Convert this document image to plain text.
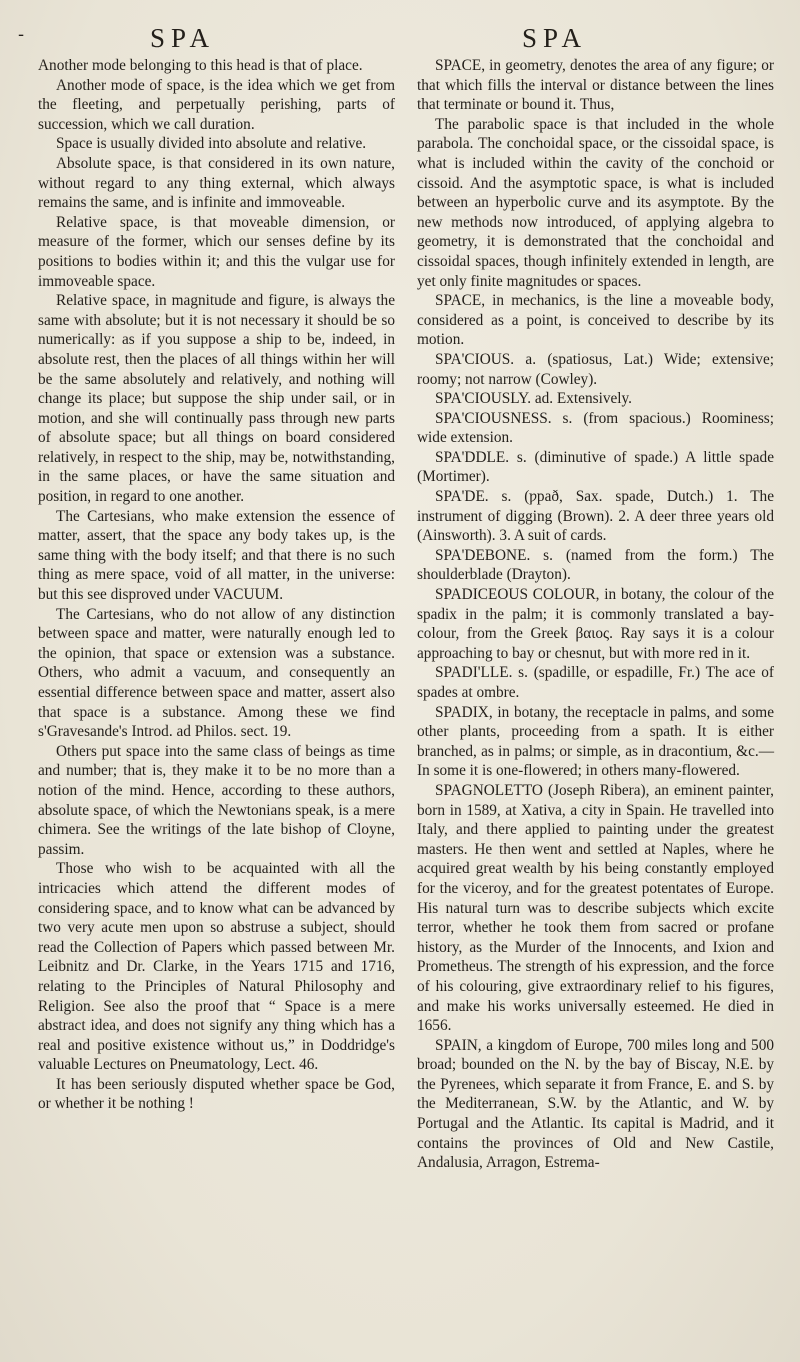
-	SPA	SPA

Another mode belonging to this head is that of place.

Another mode of space, is the idea which we get from the fleeting, and perpetually perishing, parts of succession, which we call duration.

Space is usually divided into absolute and relative.

Absolute space, is that considered in its own nature, without regard to any thing external, which always remains the same, and is infinite and immoveable.

Relative space, is that moveable dimension, or measure of the former, which our senses define by its positions to bodies within it; and this the vulgar use for immoveable space.

Relative space, in magnitude and figure, is always the same with absolute; but it is not necessary it should be so numerically: as if you suppose a ship to be, indeed, in absolute rest, then the places of all things within her will be the same absolutely and relatively, and nothing will change its place; but suppose the ship under sail, or in motion, and she will continually pass through new parts of absolute space; but all things on board considered relatively, in respect to the ship, may be, notwithstanding, in the same places, or have the same situation and position, in regard to one another.

The Cartesians, who make extension the essence of matter, assert, that the space any body takes up, is the same thing with the body itself; and that there is no such thing as mere space, void of all matter, in the universe: but this see disproved under VACUUM.

The Cartesians, who do not allow of any distinction between space and matter, were naturally enough led to the opinion, that space or extension was a substance. Others, who admit a vacuum, and consequently an essential difference between space and matter, assert also that space is a substance. Among these we find s'Gravesande's Introd. ad Philos. sect. 19.

Others put space into the same class of beings as time and number; that is, they make it to be no more than a notion of the mind. Hence, according to these authors, absolute space, of which the Newtonians speak, is a mere chimera. See the writings of the late bishop of Cloyne, passim.

Those who wish to be acquainted with all the intricacies which attend the different modes of considering space, and to know what can be advanced by two very acute men upon so abstruse a subject, should read the Collection of Papers which passed between Mr. Leibnitz and Dr. Clarke, in the Years 1715 and 1716, relating to the Principles of Natural Philosophy and Religion. See also the proof that “ Space is a mere abstract idea, and does not signify any thing which has a real and positive existence without us,” in Doddridge's valuable Lectures on Pneumatology, Lect. 46.

It has been seriously disputed whether space be God, or whether it be nothing !

SPACE, in geometry, denotes the area of any figure; or that which fills the interval or distance between the lines that terminate or bound it. Thus,

The parabolic space is that included in the whole parabola. The conchoidal space, or the cissoidal space, is what is included within the cavity of the conchoid or cissoid. And the asymptotic space, is what is included between an hyperbolic curve and its asymptote. By the new methods now introduced, of applying algebra to geometry, it is demonstrated that the conchoidal and cissoidal spaces, though infinitely extended in length, are yet only finite magnitudes or spaces.

SPACE, in mechanics, is the line a moveable body, considered as a point, is conceived to describe by its motion.

SPA'CIOUS. a. (spatiosus, Lat.) Wide; extensive; roomy; not narrow (Cowley).

SPA'CIOUSLY. ad. Extensively.

SPA'CIOUSNESS. s. (from spacious.) Roominess; wide extension.

SPA'DDLE. s. (diminutive of spade.) A little spade (Mortimer).

SPA'DE. s. (ƿpað, Sax. spade, Dutch.) 1. The instrument of digging (Brown). 2. A deer three years old (Ainsworth). 3. A suit of cards.

SPA'DEBONE. s. (named from the form.) The shoulderblade (Drayton).

SPADICEOUS COLOUR, in botany, the colour of the spadix in the palm; it is commonly translated a bay-colour, from the Greek βαιος. Ray says it is a colour approaching to bay or chesnut, but with more red in it.

SPADI'LLE. s. (spadille, or espadille, Fr.) The ace of spades at ombre.

SPADIX, in botany, the receptacle in palms, and some other plants, proceeding from a spath. It is either branched, as in palms; or simple, as in dracontium, &c.—In some it is one-flowered; in others many-flowered.

SPAGNOLETTO (Joseph Ribera), an eminent painter, born in 1589, at Xativa, a city in Spain. He travelled into Italy, and there applied to painting under the greatest masters. He then went and settled at Naples, where he acquired great wealth by his being constantly employed for the viceroy, and for the greatest potentates of Europe. His natural turn was to describe subjects which excite terror, whether he took them from sacred or profane history, as the Murder of the Innocents, and Ixion and Prometheus. The strength of his expression, and the force of his colouring, give extraordinary relief to his figures, and make his works universally esteemed. He died in 1656.

SPAIN, a kingdom of Europe, 700 miles long and 500 broad; bounded on the N. by the bay of Biscay, N.E. by the Pyrenees, which separate it from France, E. and S. by the Mediterranean, S.W. by the Atlantic, and W. by Portugal and the Atlantic. Its capital is Madrid, and it contains the provinces of Old and New Castile, Andalusia, Arragon, Estrema-
